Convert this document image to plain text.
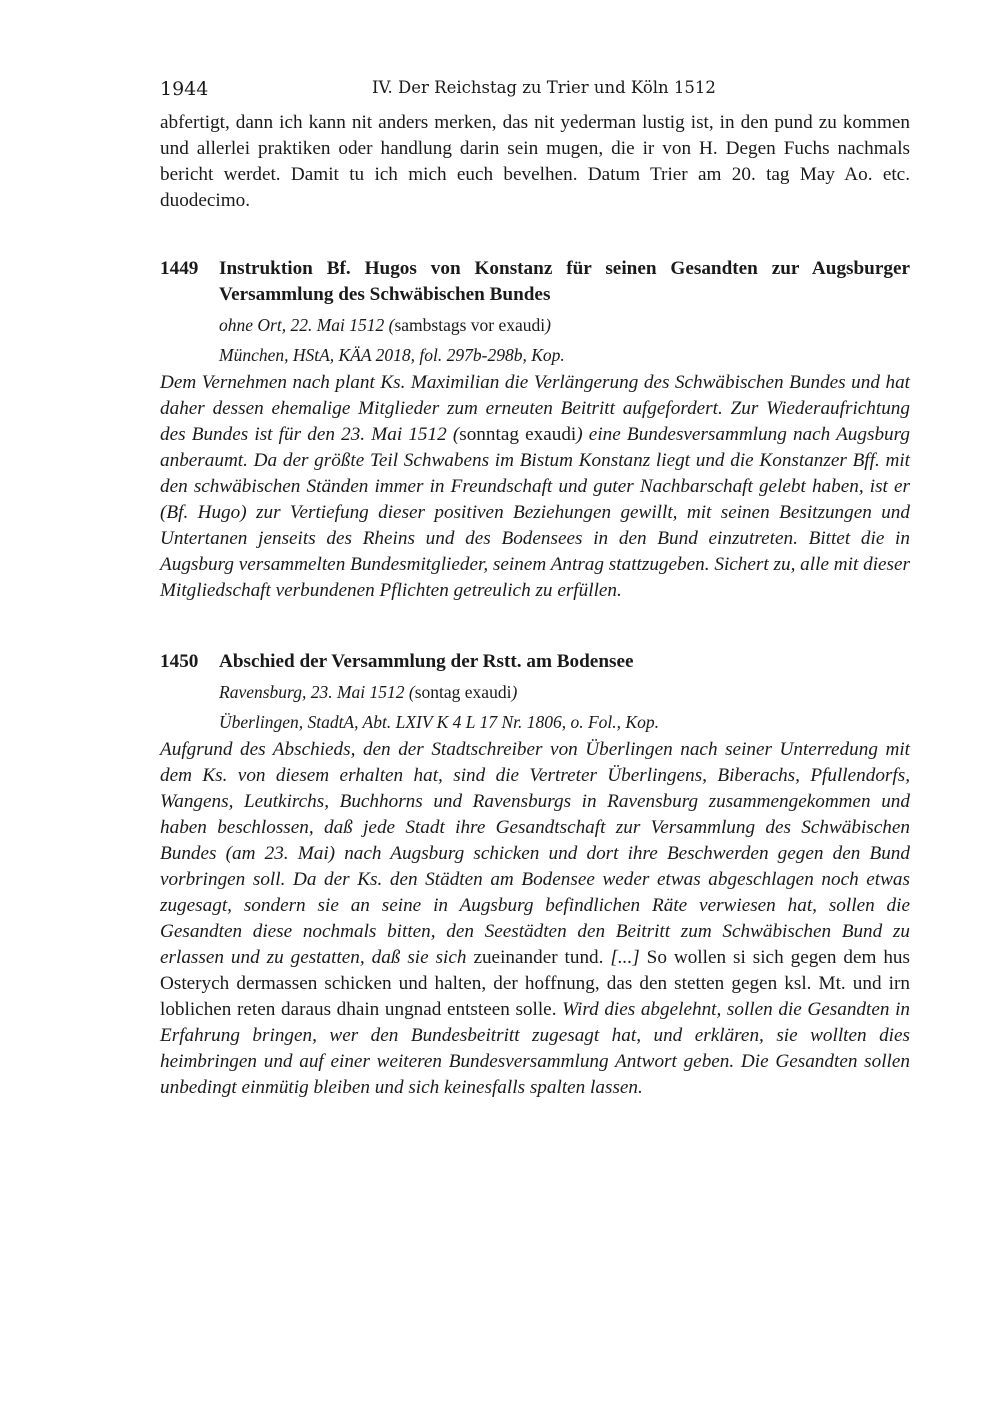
1944	IV. Der Reichstag zu Trier und Köln 1512

abfertigt, dann ich kann nit anders merken, das nit yederman lustig ist, in den pund zu kommen und allerlei praktiken oder handlung darin sein mugen, die ir von H. Degen Fuchs nachmals bericht werdet. Damit tu ich mich euch bevelhen. Datum Trier am 20. tag May Ao. etc. duodecimo.

1449 Instruktion Bf. Hugos von Konstanz für seinen Gesandten zur Augsburger Versammlung des Schwäbischen Bundes
ohne Ort, 22. Mai 1512 (sambstags vor exaudi)
München, HStA, KÄA 2018, fol. 297b-298b, Kop.

Dem Vernehmen nach plant Ks. Maximilian die Verlängerung des Schwäbischen Bundes und hat daher dessen ehemalige Mitglieder zum erneuten Beitritt aufgefordert. Zur Wiederaufrichtung des Bundes ist für den 23. Mai 1512 (sonntag exaudi) eine Bundesversammlung nach Augsburg anberaumt. Da der größte Teil Schwabens im Bistum Konstanz liegt und die Konstanzer Bff. mit den schwäbischen Ständen immer in Freundschaft und guter Nachbarschaft gelebt haben, ist er (Bf. Hugo) zur Vertiefung dieser positiven Beziehungen gewillt, mit seinen Besitzungen und Untertanen jenseits des Rheins und des Bodensees in den Bund einzutreten. Bittet die in Augsburg versammelten Bundesmitglieder, seinem Antrag stattzugeben. Sichert zu, alle mit dieser Mitgliedschaft verbundenen Pflichten getreulich zu erfüllen.

1450 Abschied der Versammlung der Rstt. am Bodensee
Ravensburg, 23. Mai 1512 (sontag exaudi)
Überlingen, StadtA, Abt. LXIV K 4 L 17 Nr. 1806, o. Fol., Kop.

Aufgrund des Abschieds, den der Stadtschreiber von Überlingen nach seiner Unterredung mit dem Ks. von diesem erhalten hat, sind die Vertreter Überlingens, Biberachs, Pfullendorfs, Wangens, Leutkirchs, Buchhorns und Ravensburgs in Ravensburg zusammengekommen und haben beschlossen, daß jede Stadt ihre Gesandtschaft zur Versammlung des Schwäbischen Bundes (am 23. Mai) nach Augsburg schicken und dort ihre Beschwerden gegen den Bund vorbringen soll. Da der Ks. den Städten am Bodensee weder etwas abgeschlagen noch etwas zugesagt, sondern sie an seine in Augsburg befindlichen Räte verwiesen hat, sollen die Gesandten diese nochmals bitten, den Seestädten den Beitritt zum Schwäbischen Bund zu erlassen und zu gestatten, daß sie sich zueinander tund. [...] So wollen si sich gegen dem hus Osterych dermassen schicken und halten, der hoffnung, das den stetten gegen ksl. Mt. und irn loblichen reten daraus dhain ungnad entsteen solle. Wird dies abgelehnt, sollen die Gesandten in Erfahrung bringen, wer den Bundesbeitritt zugesagt hat, und erklären, sie wollten dies heimbringen und auf einer weiteren Bundesversammlung Antwort geben. Die Gesandten sollen unbedingt einmütig bleiben und sich keinesfalls spalten lassen.
